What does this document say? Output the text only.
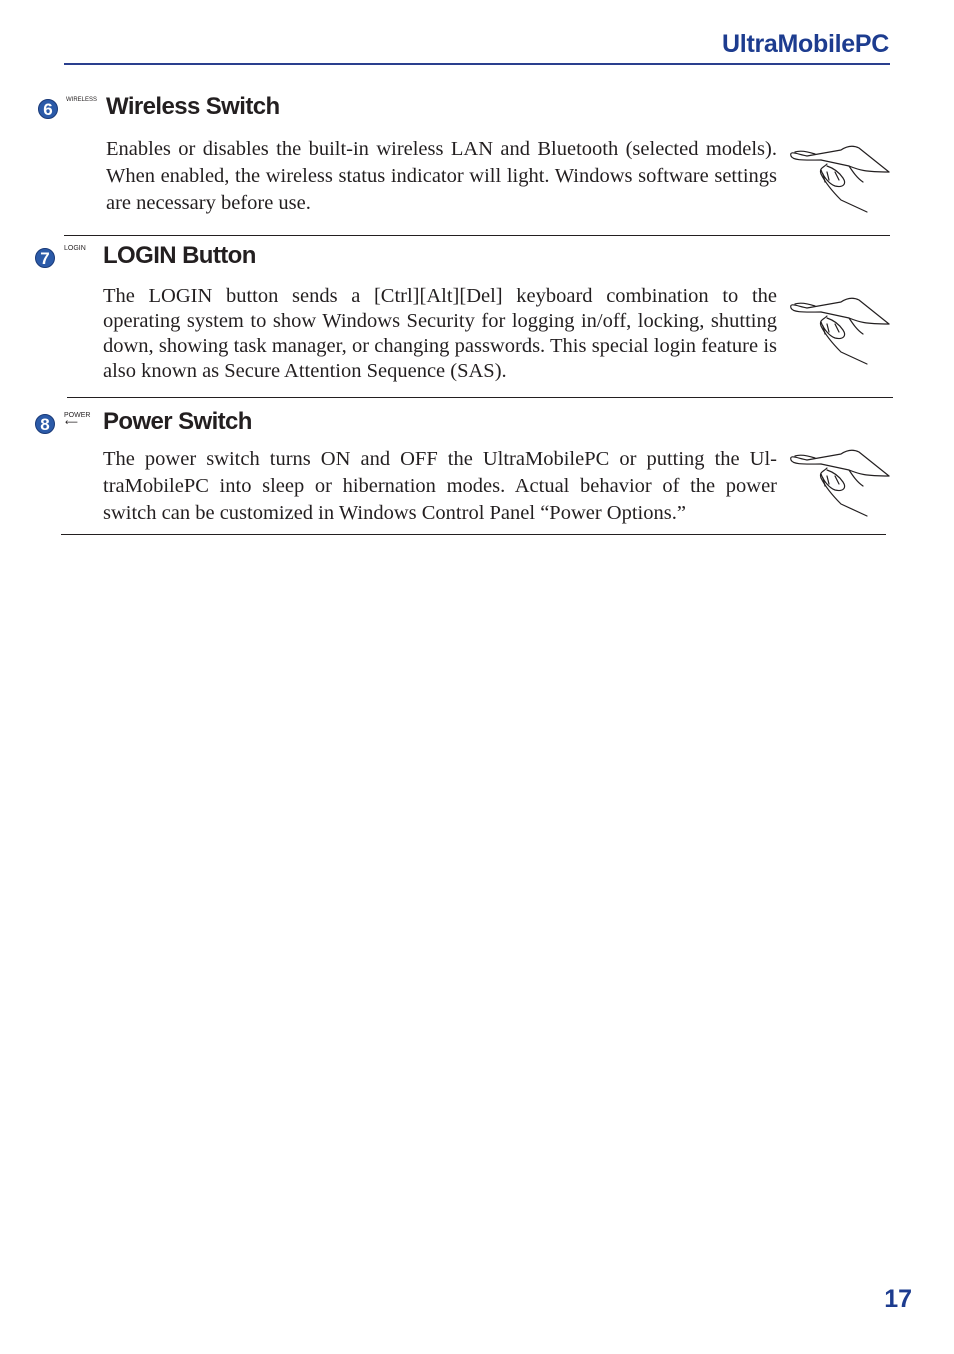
UltraMobilePC
6	WIRELESS Wireless Switch
Enables or disables the built-in wireless LAN and Bluetooth (selected models). When enabled, the wireless status indicator will light. Windows software settings are necessary before use.
7
LOGIN LOGIN Button
The LOGIN button sends a [Ctrl][Alt][Del] keyboard combination to the operating system to show Windows Security for logging in/off, locking, shutting down, showing task manager, or changing passwords. This special login feature is also known as Secure Attention Sequence (SAS).
8	POWER
⟵ Power Switch
The power switch turns ON and OFF the UltraMobilePC or putting the Ul-traMobilePC into sleep or hibernation modes. Actual behavior of the power switch can be customized in Windows Control Panel “Power Options.”
17
